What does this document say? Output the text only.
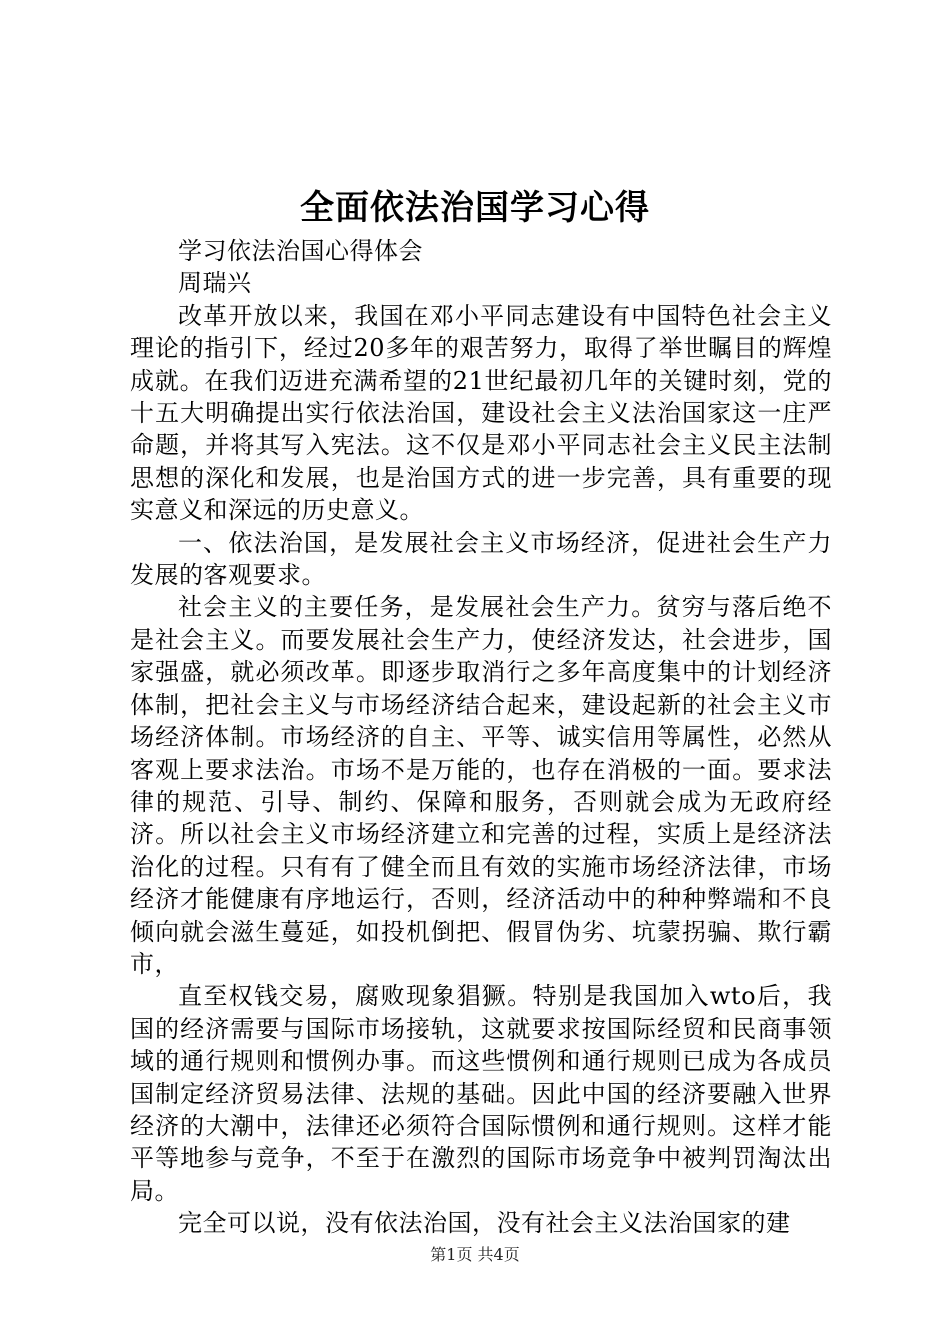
全面依法治国学习心得

学习依法治国心得体会

周瑞兴

改革开放以来，我国在邓小平同志建设有中国特色社会主义理论的指引下，经过20多年的艰苦努力，取得了举世瞩目的辉煌成就。在我们迈进充满希望的21世纪最初几年的关键时刻，党的十五大明确提出实行依法治国，建设社会主义法治国家这一庄严命题，并将其写入宪法。这不仅是邓小平同志社会主义民主法制思想的深化和发展，也是治国方式的进一步完善，具有重要的现实意义和深远的历史意义。

一、依法治国，是发展社会主义市场经济，促进社会生产力发展的客观要求。

社会主义的主要任务，是发展社会生产力。贫穷与落后绝不是社会主义。而要发展社会生产力，使经济发达，社会进步，国家强盛，就必须改革。即逐步取消行之多年高度集中的计划经济体制，把社会主义与市场经济结合起来，建设起新的社会主义市场经济体制。市场经济的自主、平等、诚实信用等属性，必然从客观上要求法治。市场不是万能的，也存在消极的一面。要求法律的规范、引导、制约、保障和服务，否则就会成为无政府经济。所以社会主义市场经济建立和完善的过程，实质上是经济法治化的过程。只有有了健全而且有效的实施市场经济法律，市场经济才能健康有序地运行，否则，经济活动中的种种弊端和不良倾向就会滋生蔓延，如投机倒把、假冒伪劣、坑蒙拐骗、欺行霸市，

直至权钱交易，腐败现象猖獗。特别是我国加入wto后，我国的经济需要与国际市场接轨，这就要求按国际经贸和民商事领域的通行规则和惯例办事。而这些惯例和通行规则已成为各成员国制定经济贸易法律、法规的基础。因此中国的经济要融入世界经济的大潮中，法律还必须符合国际惯例和通行规则。这样才能平等地参与竞争，不至于在激烈的国际市场竞争中被判罚淘汰出局。

完全可以说，没有依法治国，没有社会主义法治国家的建

第1页 共4页
